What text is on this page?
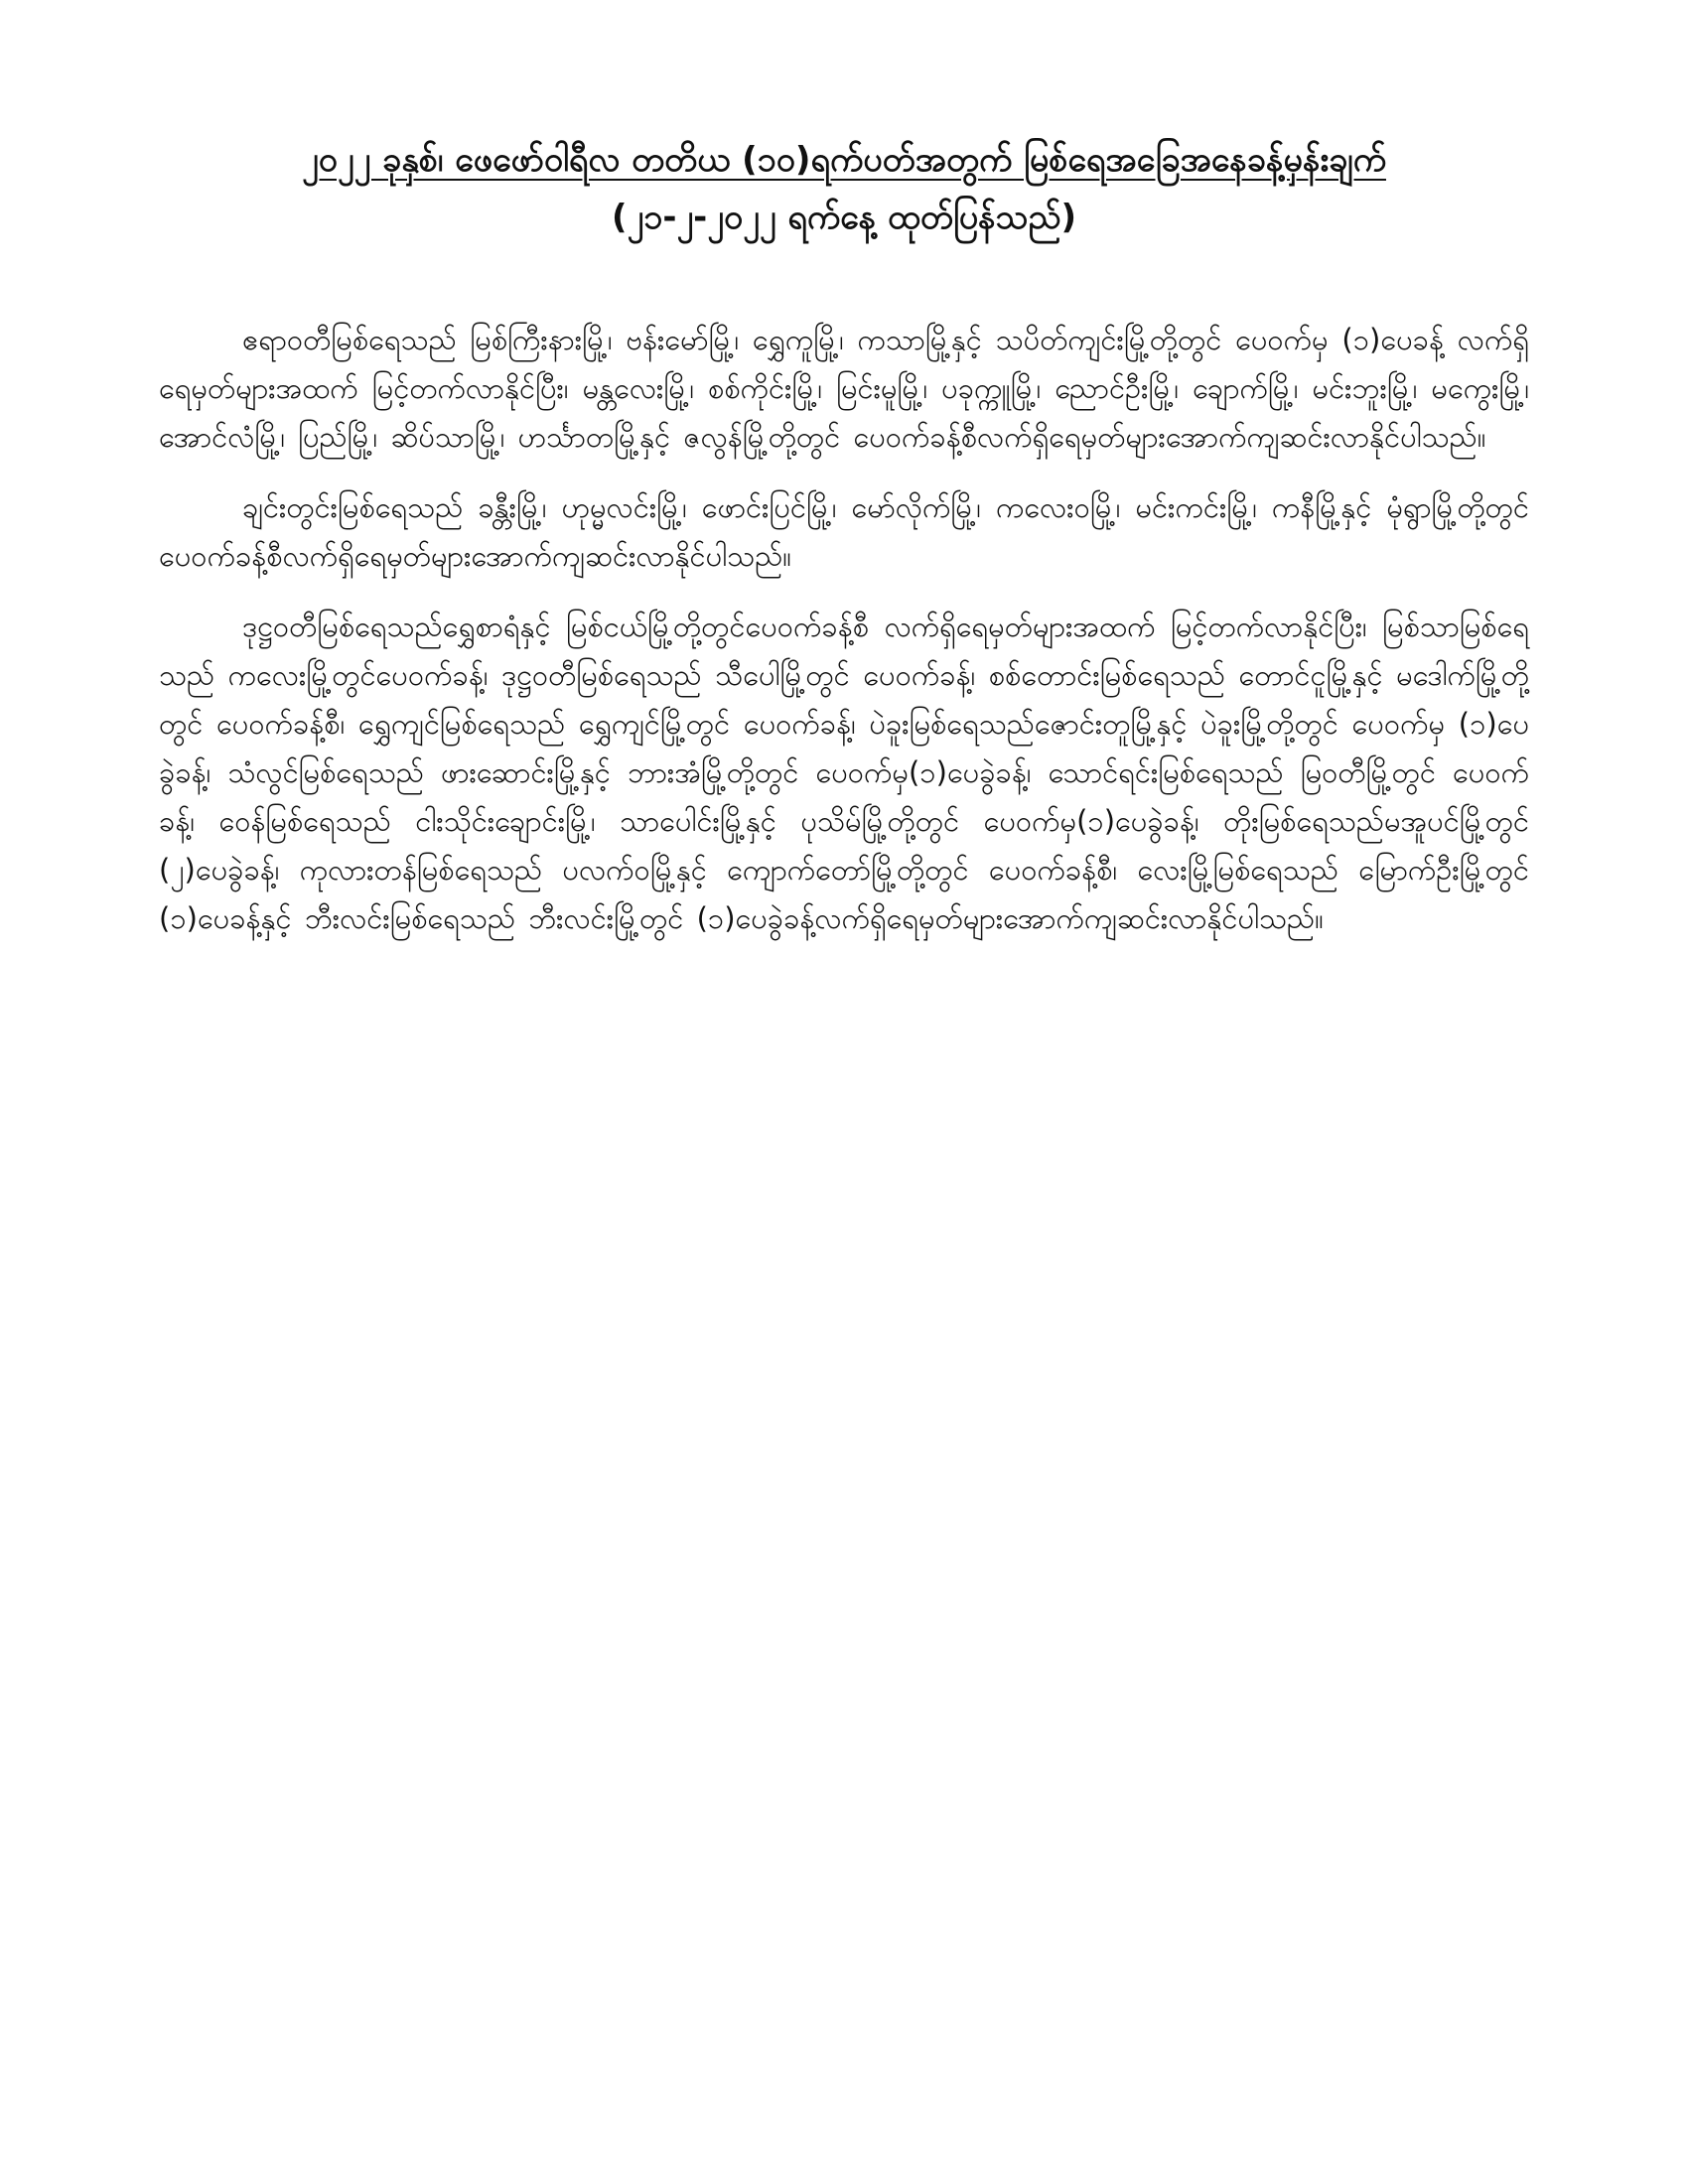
၂၀၂၂ ခုနှစ်၊ ဖေဖော်ဝါရီလ တတိယ (၁၀)ရက်ပတ်အတွက် မြစ်ရေအခြေအနေခန့်မှန်းချက်
(၂၁-၂-၂၀၂၂ ရက်နေ့ ထုတ်ပြန်သည်)

ဧရာဝတီမြစ်ရေသည် မြစ်ကြီးနားမြို့၊ ဗန်းမော်မြို့၊ ရွှေကူမြို့၊ ကသာမြို့နှင့် သပိတ်ကျင်းမြို့တို့တွင် ပေဝက်မှ (၁)ပေခန့် လက်ရှိရေမှတ်များအထက် မြင့်တက်လာနိုင်ပြီး၊ မန္တလေးမြို့၊ စစ်ကိုင်းမြို့၊ မြင်းမူမြို့၊ ပခုက္ကူမြို့၊ ညောင်ဦးမြို့၊ ချောက်မြို့၊ မင်းဘူးမြို့၊ မကွေးမြို့၊ အောင်လံမြို့၊ ပြည်မြို့၊ ဆိပ်သာမြို့၊ ဟင်္သာတမြို့နှင့် ဇလွန်မြို့တို့တွင် ပေဝက်ခန့်စီလက်ရှိရေမှတ်များအောက်ကျဆင်းလာနိုင်ပါသည်။

ချင်းတွင်းမြစ်ရေသည် ခန္တီးမြို့၊ ဟုမ္မလင်းမြို့၊ ဖောင်းပြင်မြို့၊ မော်လိုက်မြို့၊ ကလေးဝမြို့၊ မင်းကင်းမြို့၊ ကနီမြို့နှင့် မုံရွာမြို့တို့တွင်ပေဝက်ခန့်စီလက်ရှိရေမှတ်များအောက်ကျဆင်းလာနိုင်ပါသည်။

ဒုဋ္ဌဝတီမြစ်ရေသည်ရွှေစာရံနှင့် မြစ်ငယ်မြို့တို့တွင်ပေဝက်ခန့်စီ လက်ရှိရေမှတ်များအထက် မြင့်တက်လာနိုင်ပြီး၊ မြစ်သာမြစ်ရေသည် ကလေးမြို့တွင်ပေဝက်ခန့်၊ ဒုဋ္ဌဝတီမြစ်ရေသည် သီပေါမြို့တွင် ပေဝက်ခန့်၊ စစ်တောင်းမြစ်ရေသည် တောင်ငူမြို့နှင့် မဒေါက်မြို့တို့တွင် ပေဝက်ခန့်စီ၊ ရွှေကျင်မြစ်ရေသည် ရွှေကျင်မြို့တွင် ပေဝက်ခန့်၊ ပဲခူးမြစ်ရေသည်ဇောင်းတူမြို့နှင့် ပဲခူးမြို့တို့တွင် ပေဝက်မှ (၁)ပေခွဲခန့်၊ သံလွင်မြစ်ရေသည် ဖားဆောင်းမြို့နှင့် ဘားအံမြို့တို့တွင် ပေဝက်မှ(၁)ပေခွဲခန့်၊ သောင်ရင်းမြစ်ရေသည် မြဝတီမြို့တွင် ပေဝက်ခန့်၊ ဝေန်မြစ်ရေသည် ငါးသိုင်းချောင်းမြို့၊ သာပေါင်းမြို့နှင့် ပုသိမ်မြို့တို့တွင် ပေဝက်မှ(၁)ပေခွဲခန့်၊ တိုးမြစ်ရေသည်မအူပင်မြို့တွင် (၂)ပေခွဲခန့်၊ ကုလားတန်မြစ်ရေသည် ပလက်ဝမြို့နှင့် ကျောက်တော်မြို့တို့တွင် ပေဝက်ခန့်စီ၊ လေးမြို့မြစ်ရေသည် မြောက်ဦးမြို့တွင် (၁)ပေခန့်နှင့် ဘီးလင်းမြစ်ရေသည် ဘီးလင်းမြို့တွင် (၁)ပေခွဲခန့်လက်ရှိရေမှတ်များအောက်ကျဆင်းလာနိုင်ပါသည်။
